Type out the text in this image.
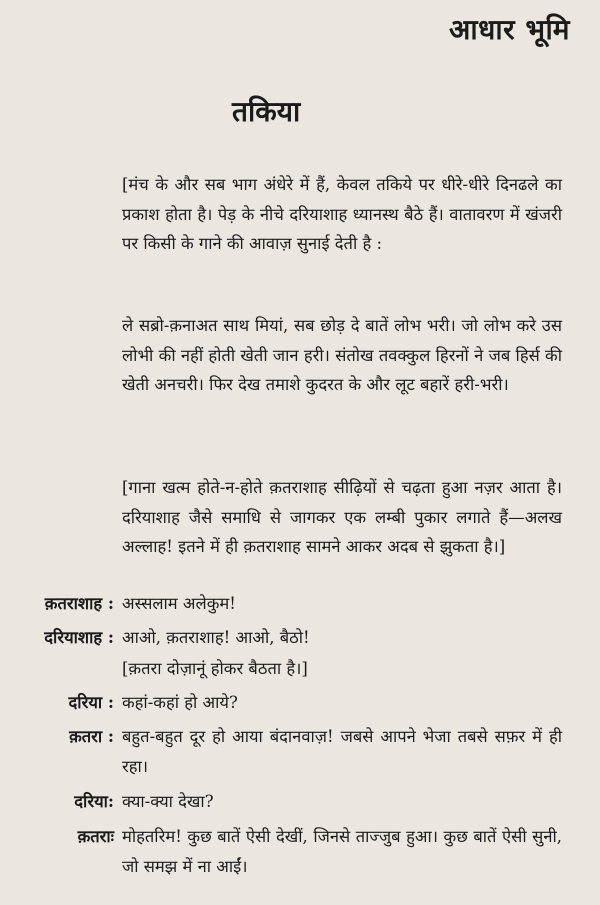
आधार भूमि
तकिया

[मंच के और सब भाग अंधेरे में हैं, केवल तकिये पर धीरे-धीरे दिनढले का प्रकाश होता है। पेड़ के नीचे दरियाशाह ध्यानस्थ बैठे हैं। वातावरण में खंजरी पर किसी के गाने की आवाज़ सुनाई देती है :

ले सब्रो-क़नाअत साथ मियां, सब छोड़ दे बातें लोभ भरी। जो लोभ करे उस लोभी की नहीं होती खेती जान हरी। संतोख तवक्कुल हिरनों ने जब हिर्स की खेती अनचरी। फिर देख तमाशे कुदरत के और लूट बहारें हरी-भरी।

[गाना खत्म होते-न-होते क़तराशाह सीढ़ियों से चढ़ता हुआ नज़र आता है। दरियाशाह जैसे समाधि से जागकर एक लम्बी पुकार लगाते हैं—अलख अल्लाह! इतने में ही क़तराशाह सामने आकर अदब से झुकता है।]

क़तराशाह : अस्सलाम अलेकुम!
दरियाशाह : आओ, क़तराशाह! आओ, बैठो!
[क़तरा दोज़ानूं होकर बैठता है।]
दरिया : कहां-कहां हो आये?
क़तरा : बहुत-बहुत दूर हो आया बंदानवाज़! जबसे आपने भेजा तबसे सफ़र में ही रहा।
दरिया: क्या-क्या देखा?
क़तराः मोहतरिम! कुछ बातें ऐसी देखीं, जिनसे ताज्जुब हुआ। कुछ बातें ऐसी सुनी, जो समझ में ना आईं।
